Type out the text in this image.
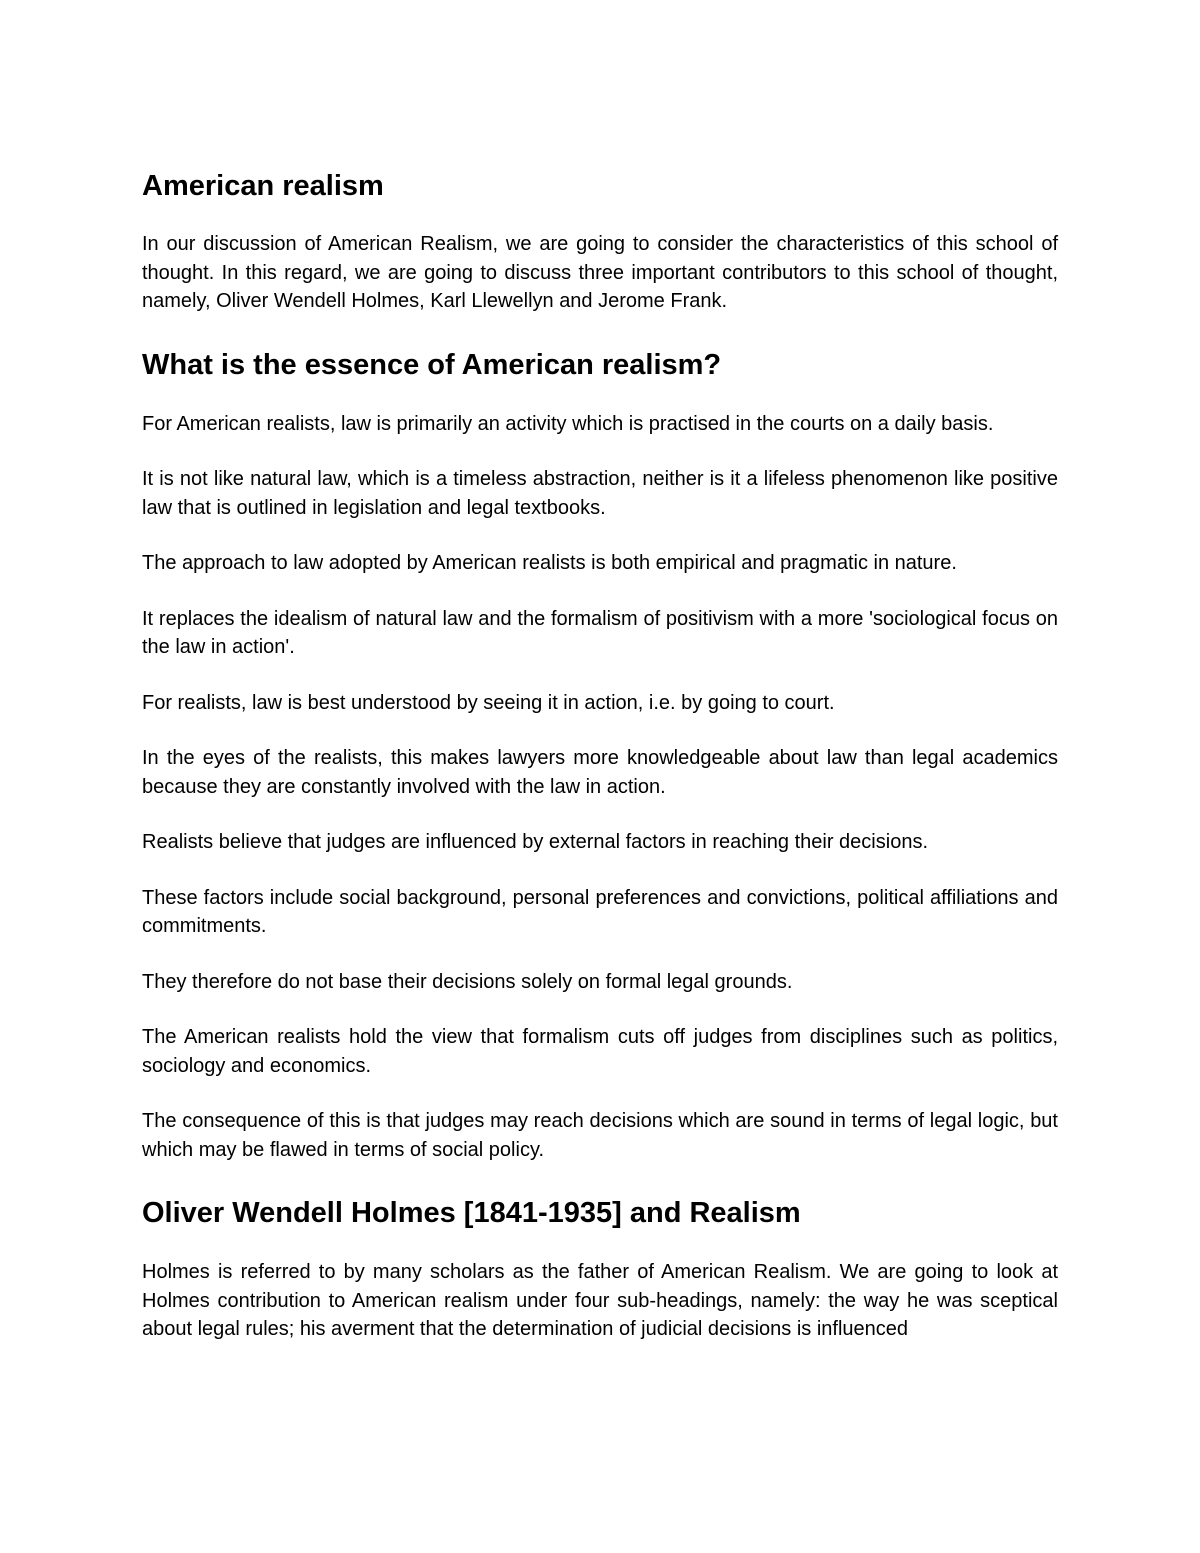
American realism

In our discussion of American Realism, we are going to consider the characteristics of this school of thought. In this regard, we are going to discuss three important contributors to this school of thought, namely, Oliver Wendell Holmes, Karl Llewellyn and Jerome Frank.

What is the essence of American realism?

For American realists, law is primarily an activity which is practised in the courts on a daily basis.

It is not like natural law, which is a timeless abstraction, neither is it a lifeless phenomenon like positive law that is outlined in legislation and legal textbooks.

The approach to law adopted by American realists is both empirical and pragmatic in nature.

It replaces the idealism of natural law and the formalism of positivism with a more 'sociological focus on the law in action'.

For realists, law is best understood by seeing it in action, i.e. by going to court.

In the eyes of the realists, this makes lawyers more knowledgeable about law than legal academics because they are constantly involved with the law in action.

Realists believe that judges are influenced by external factors in reaching their decisions.

These factors include social background, personal preferences and convictions, political affiliations and commitments.

They therefore do not base their decisions solely on formal legal grounds.

The American realists hold the view that formalism cuts off judges from disciplines such as politics, sociology and economics.

The consequence of this is that judges may reach decisions which are sound in terms of legal logic, but which may be flawed in terms of social policy.

Oliver Wendell Holmes [1841-1935] and Realism

Holmes is referred to by many scholars as the father of American Realism. We are going to look at Holmes contribution to American realism under four sub-headings, namely: the way he was sceptical about legal rules; his averment that the determination of judicial decisions is influenced
